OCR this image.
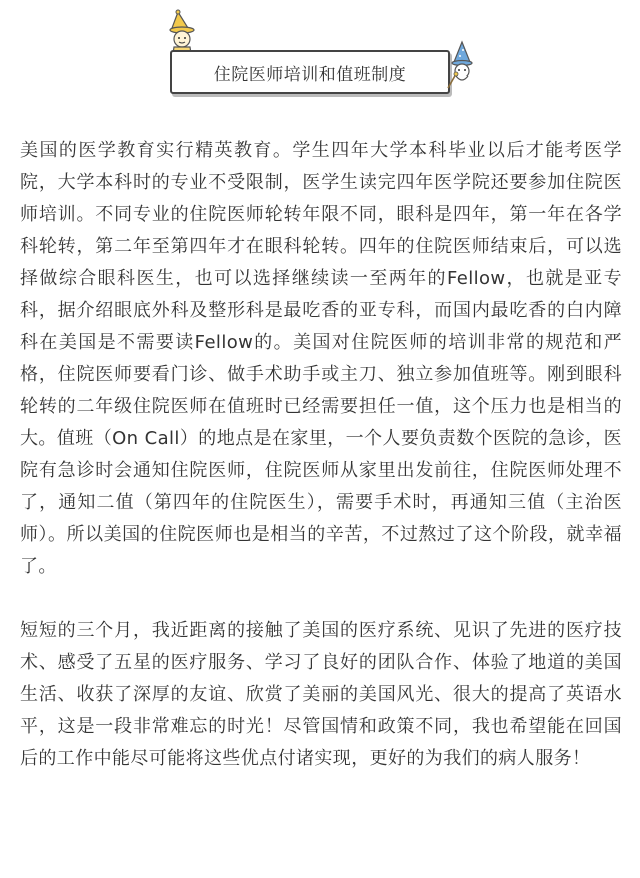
住院医师培训和值班制度

美国的医学教育实行精英教育。学生四年大学本科毕业以后才能考医学院，大学本科时的专业不受限制，医学生读完四年医学院还要参加住院医师培训。不同专业的住院医师轮转年限不同，眼科是四年，第一年在各学科轮转，第二年至第四年才在眼科轮转。四年的住院医师结束后，可以选择做综合眼科医生，也可以选择继续读一至两年的Fellow，也就是亚专科，据介绍眼底外科及整形科是最吃香的亚专科，而国内最吃香的白内障科在美国是不需要读Fellow的。美国对住院医师的培训非常的规范和严格，住院医师要看门诊、做手术助手或主刀、独立参加值班等。刚到眼科轮转的二年级住院医师在值班时已经需要担任一值，这个压力也是相当的大。值班（On Call）的地点是在家里，一个人要负责数个医院的急诊，医院有急诊时会通知住院医师，住院医师从家里出发前往，住院医师处理不了，通知二值（第四年的住院医生），需要手术时，再通知三值（主治医师）。所以美国的住院医师也是相当的辛苦，不过熬过了这个阶段，就幸福了。

短短的三个月，我近距离的接触了美国的医疗系统、见识了先进的医疗技术、感受了五星的医疗服务、学习了良好的团队合作、体验了地道的美国生活、收获了深厚的友谊、欣赏了美丽的美国风光、很大的提高了英语水平，这是一段非常难忘的时光！尽管国情和政策不同，我也希望能在回国后的工作中能尽可能将这些优点付诸实现，更好的为我们的病人服务！
